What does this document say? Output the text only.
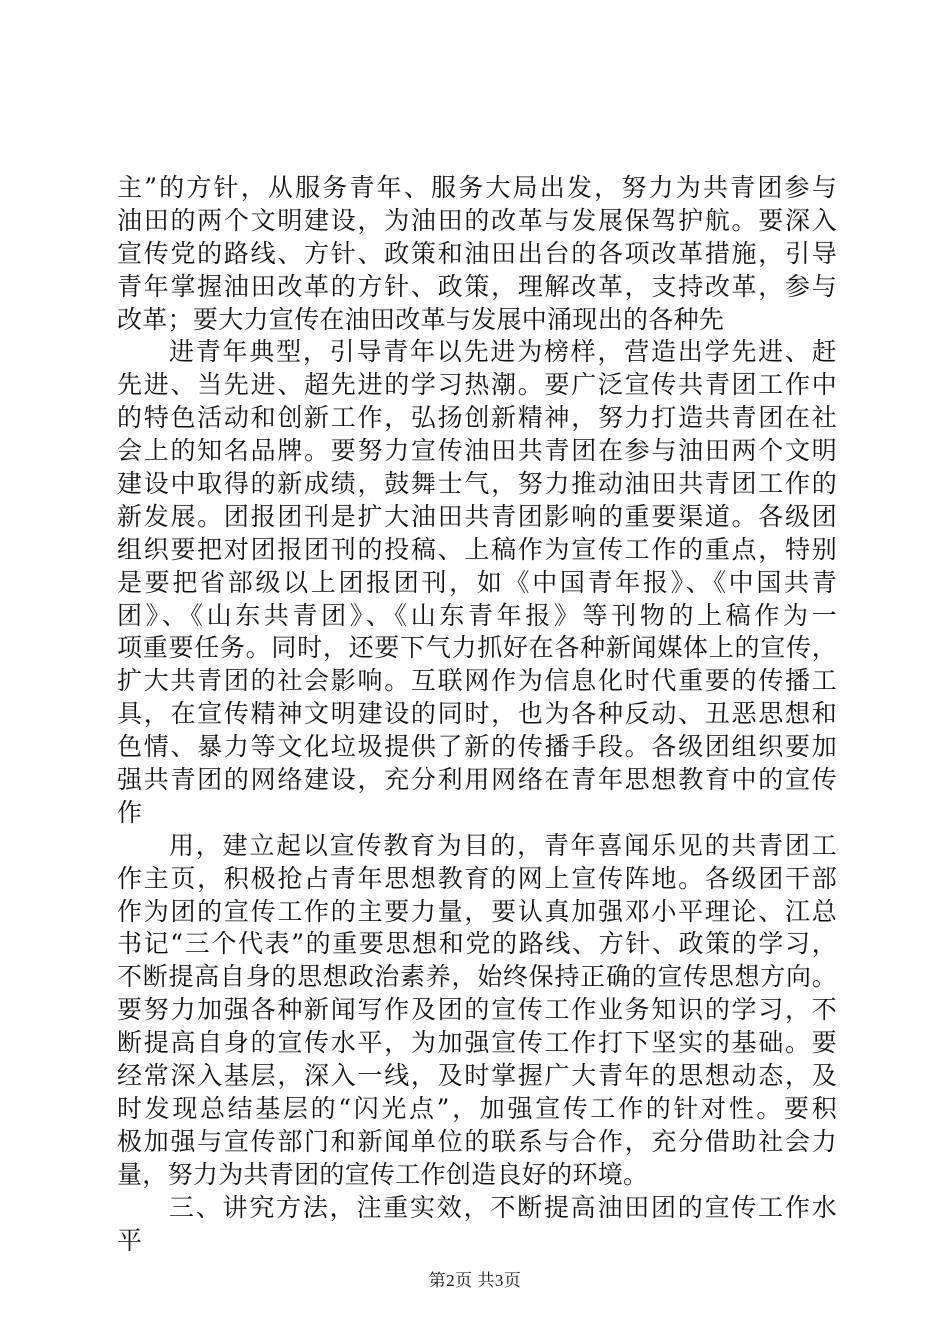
主”的方针，从服务青年、服务大局出发，努力为共青团参与
油田的两个文明建设，为油田的改革与发展保驾护航。要深入
宣传党的路线、方针、政策和油田出台的各项改革措施，引导
青年掌握油田改革的方针、政策，理解改革，支持改革，参与
改革；要大力宣传在油田改革与发展中涌现出的各种先
进青年典型，引导青年以先进为榜样，营造出学先进、赶
先进、当先进、超先进的学习热潮。要广泛宣传共青团工作中
的特色活动和创新工作，弘扬创新精神，努力打造共青团在社
会上的知名品牌。要努力宣传油田共青团在参与油田两个文明
建设中取得的新成绩，鼓舞士气，努力推动油田共青团工作的
新发展。团报团刊是扩大油田共青团影响的重要渠道。各级团
组织要把对团报团刊的投稿、上稿作为宣传工作的重点，特别
是要把省部级以上团报团刊，如《中国青年报》、《中国共青
团》、《山东共青团》、《山东青年报》等刊物的上稿作为一
项重要任务。同时，还要下气力抓好在各种新闻媒体上的宣传，
扩大共青团的社会影响。互联网作为信息化时代重要的传播工
具，在宣传精神文明建设的同时，也为各种反动、丑恶思想和
色情、暴力等文化垃圾提供了新的传播手段。各级团组织要加
强共青团的网络建设，充分利用网络在青年思想教育中的宣传
作
用，建立起以宣传教育为目的，青年喜闻乐见的共青团工
作主页，积极抢占青年思想教育的网上宣传阵地。各级团干部
作为团的宣传工作的主要力量，要认真加强邓小平理论、江总
书记“三个代表”的重要思想和党的路线、方针、政策的学习，
不断提高自身的思想政治素养，始终保持正确的宣传思想方向。
要努力加强各种新闻写作及团的宣传工作业务知识的学习，不
断提高自身的宣传水平，为加强宣传工作打下坚实的基础。要
经常深入基层，深入一线，及时掌握广大青年的思想动态，及
时发现总结基层的“闪光点”，加强宣传工作的针对性。要积
极加强与宣传部门和新闻单位的联系与合作，充分借助社会力
量，努力为共青团的宣传工作创造良好的环境。
三、讲究方法，注重实效，不断提高油田团的宣传工作水
平
第2页 共3页
